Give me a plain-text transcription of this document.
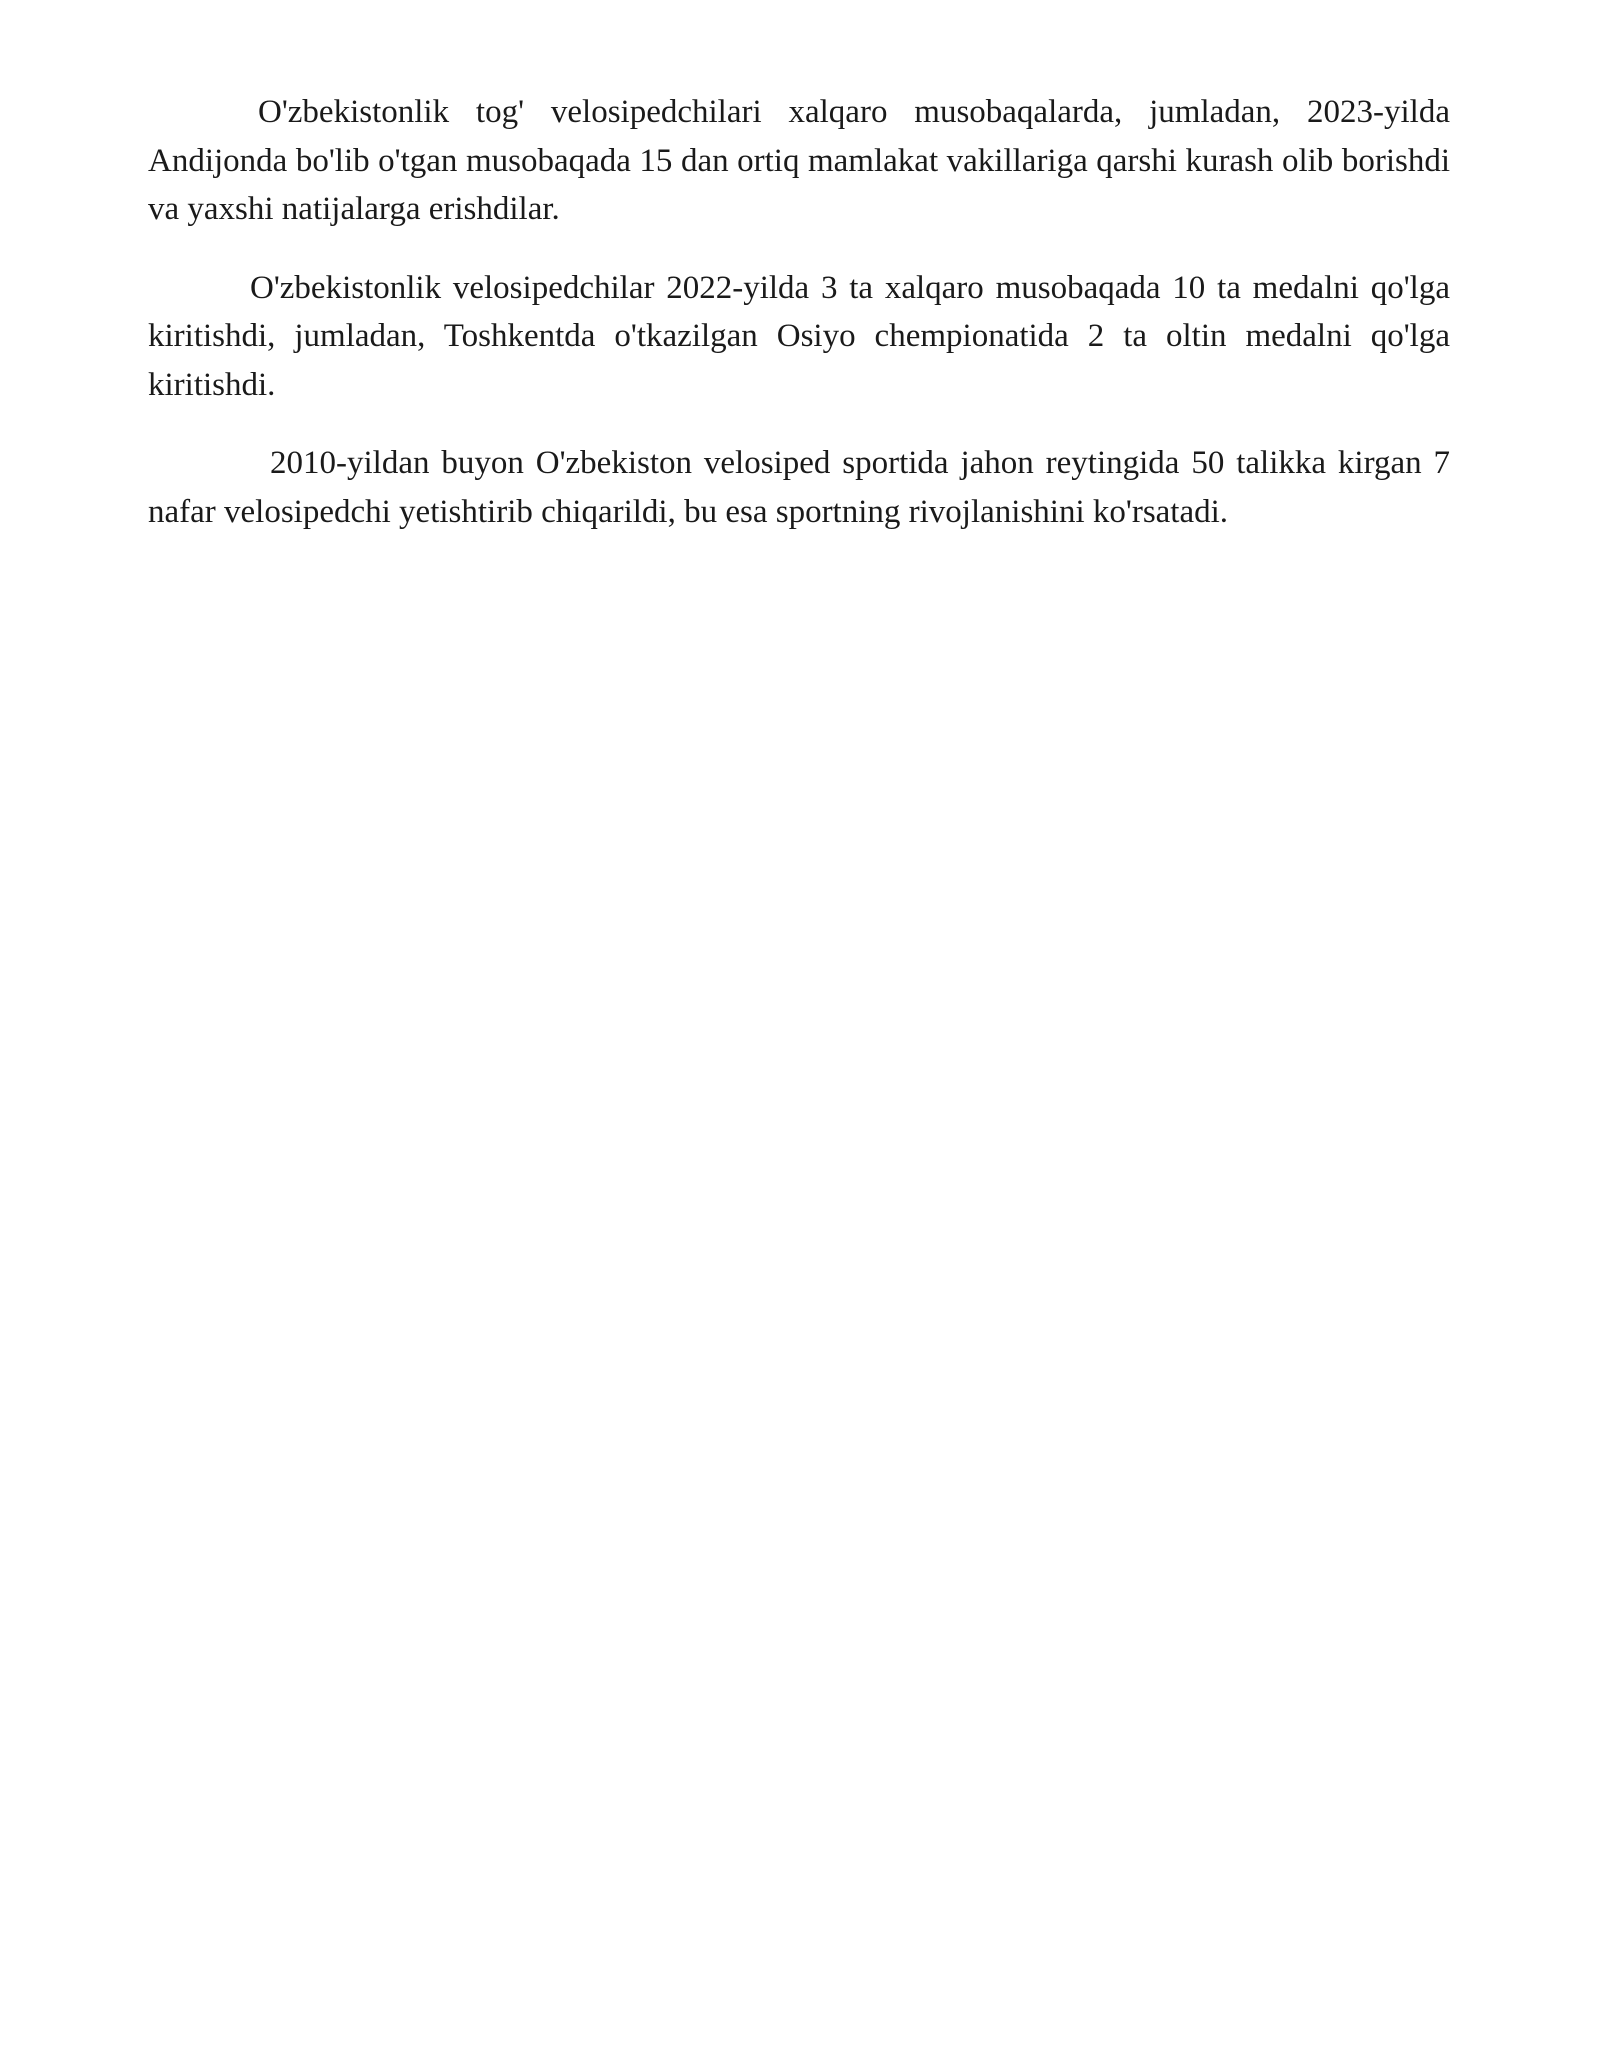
O'zbekistonlik tog' velosipedchilari xalqaro musobaqalarda, jumladan, 2023-yilda Andijonda bo'lib o'tgan musobaqada 15 dan ortiq mamlakat vakillariga qarshi kurash olib borishdi va yaxshi natijalarga erishdilar.

O'zbekistonlik velosipedchilar 2022-yilda 3 ta xalqaro musobaqada 10 ta medalni qo'lga kiritishdi, jumladan, Toshkentda o'tkazilgan Osiyo chempionatida 2 ta oltin medalni qo'lga kiritishdi.

2010-yildan buyon O'zbekiston velosiped sportida jahon reytingida 50 talikka kirgan 7 nafar velosipedchi yetishtirib chiqarildi, bu esa sportning rivojlanishini ko'rsatadi.
